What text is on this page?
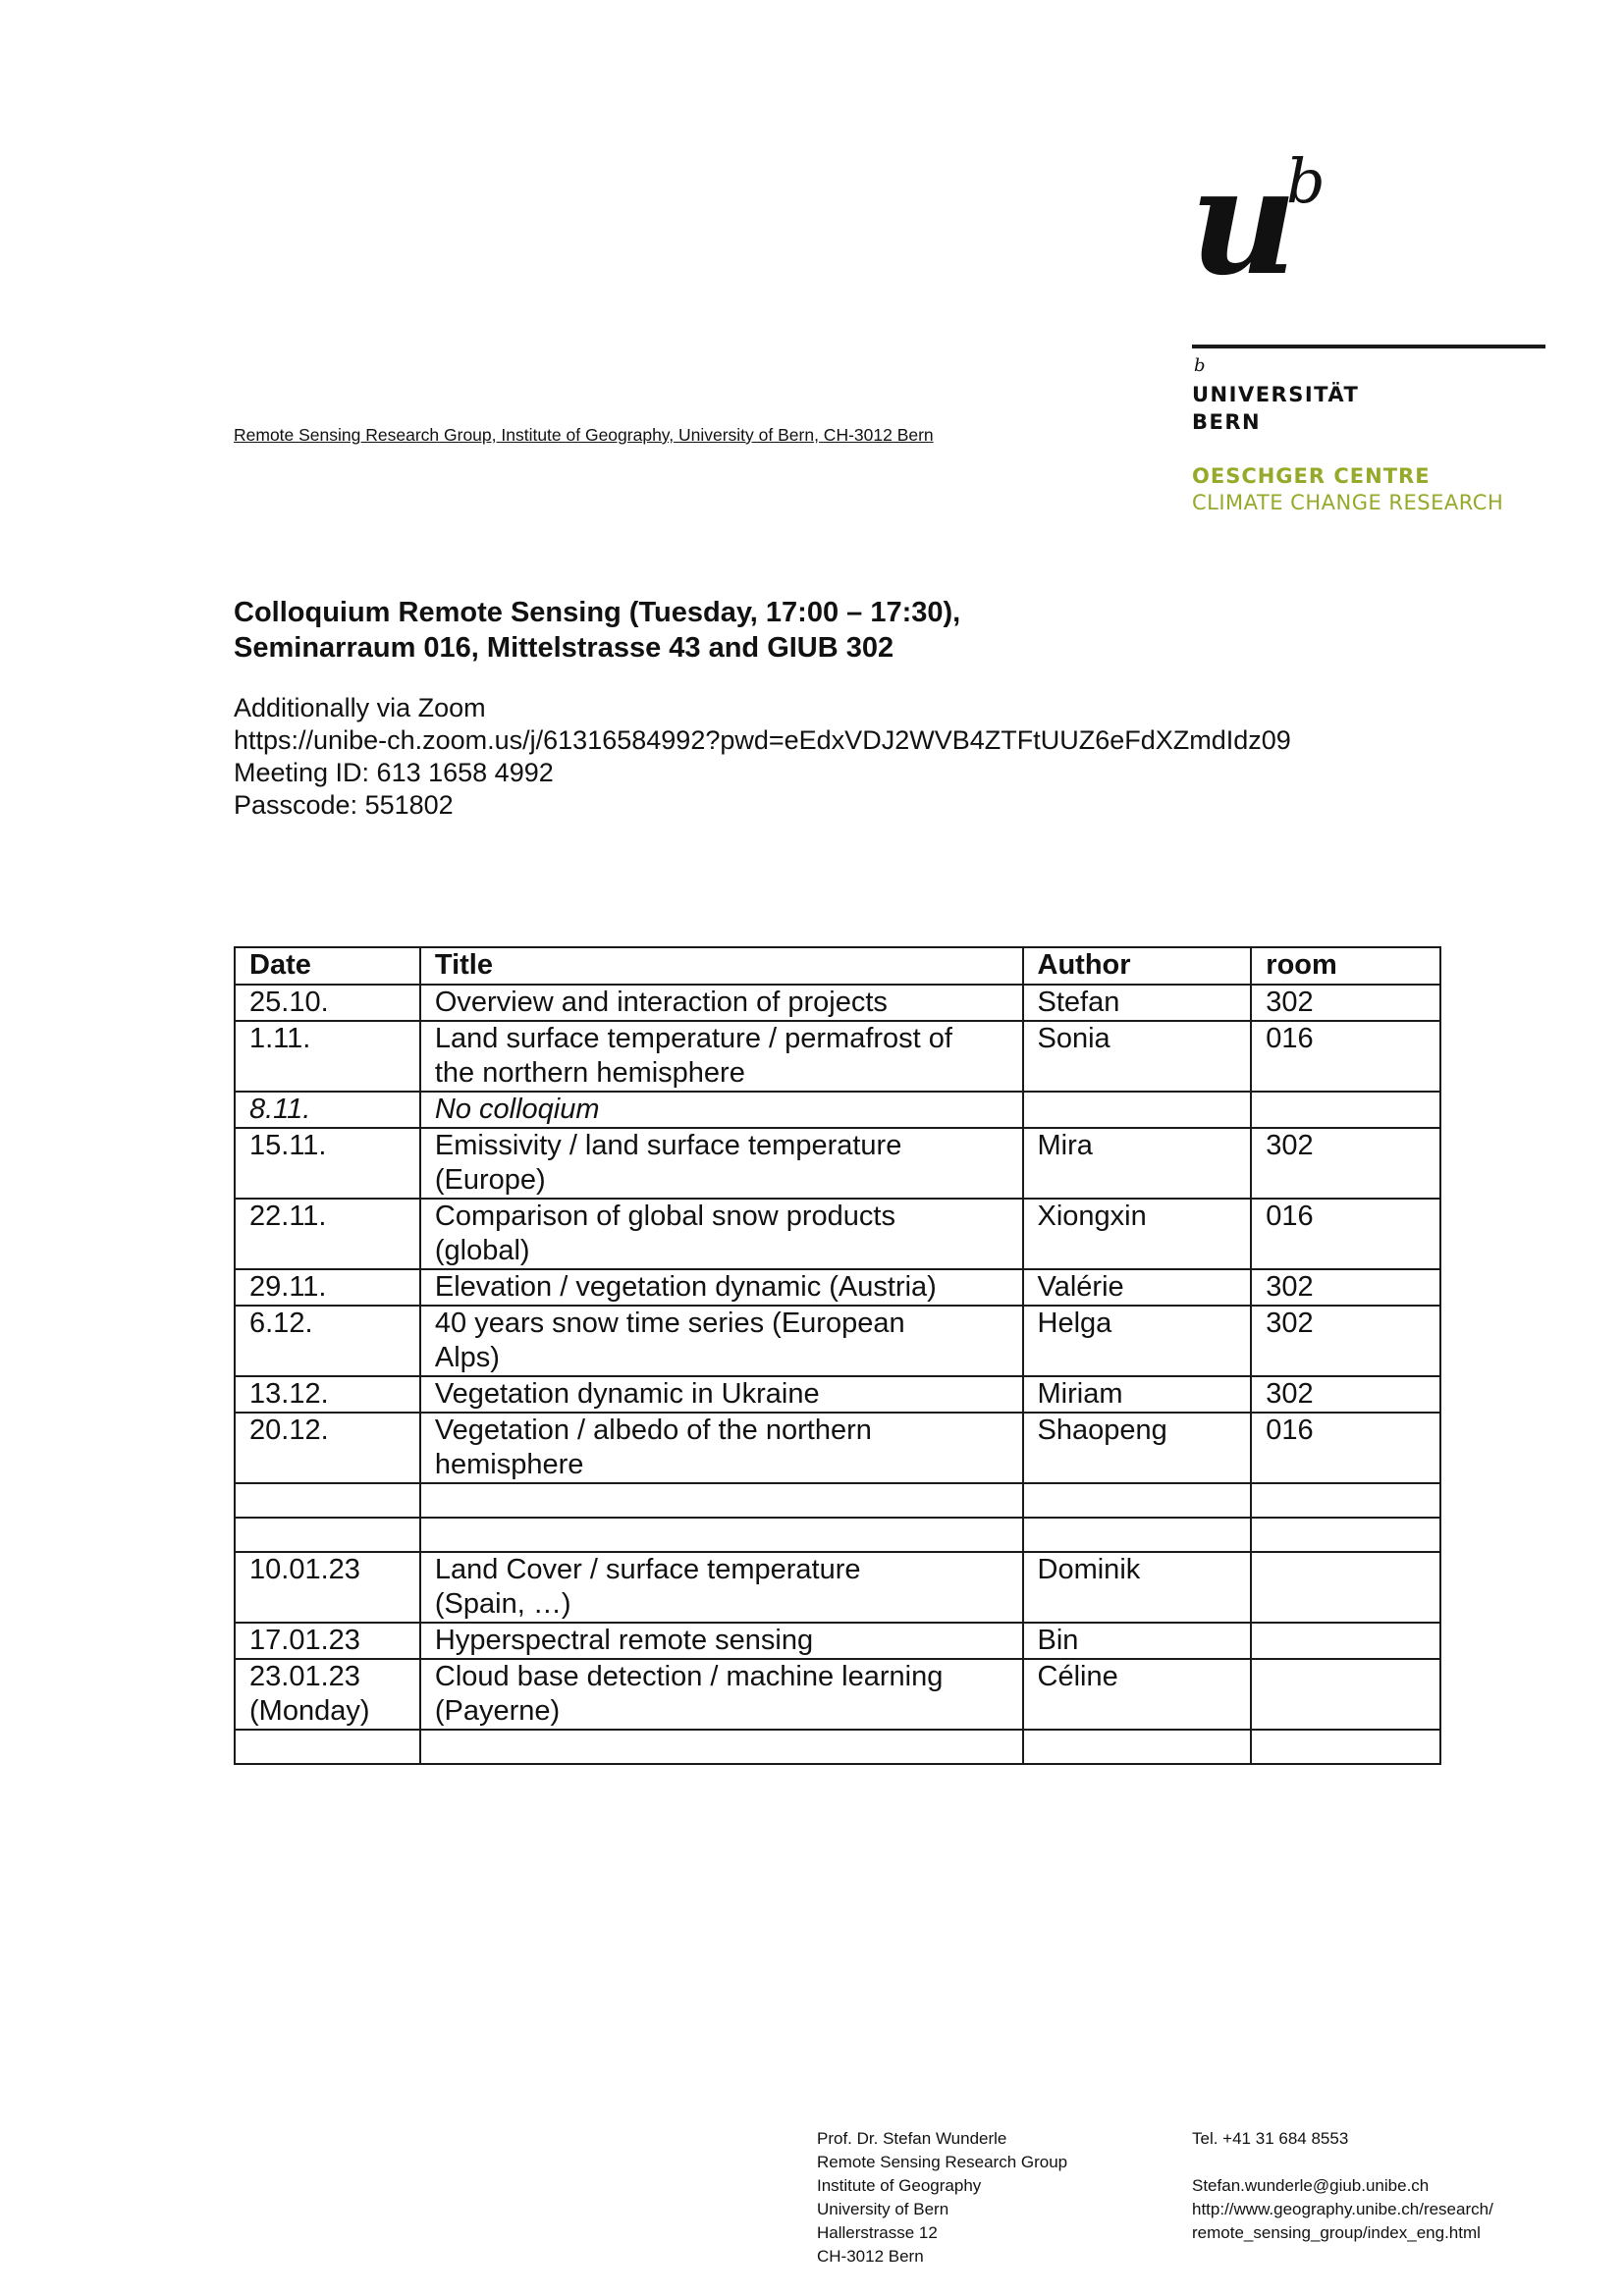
u
b
b
UNIVERSITÄT
BERN
OESCHGER CENTRE
CLIMATE CHANGE RESEARCH
Remote Sensing Research Group, Institute of Geography, University of Bern, CH-3012 Bern
Colloquium Remote Sensing (Tuesday, 17:00 – 17:30),
Seminarraum 016, Mittelstrasse 43 and GIUB 302
Additionally via Zoom
https://unibe-ch.zoom.us/j/61316584992?pwd=eEdxVDJ2WVB4ZTFtUUZ6eFdXZmdIdz09
Meeting ID: 613 1658 4992
Passcode: 551802
Date	Title	Author	room
25.10.	Overview and interaction of projects	Stefan	302
1.11.	Land surface temperature / permafrost of
the northern hemisphere	Sonia	016
8.11.	No colloqium		
15.11.	Emissivity / land surface temperature
(Europe)	Mira	302
22.11.	Comparison of global snow products
(global)	Xiongxin	016
29.11.	Elevation / vegetation dynamic (Austria)	Valérie	302
6.12.	40 years snow time series (European
Alps)	Helga	302
13.12.	Vegetation dynamic in Ukraine	Miriam	302
20.12.	Vegetation / albedo of the northern
hemisphere	Shaopeng	016

10.01.23	Land Cover / surface temperature
(Spain, …)	Dominik	
17.01.23	Hyperspectral remote sensing	Bin	
23.01.23
(Monday)	Cloud base detection / machine learning
(Payerne)	Céline	

Prof. Dr. Stefan Wunderle
Remote Sensing Research Group
Institute of Geography
University of Bern
Hallerstrasse 12
CH-3012 Bern
Tel. +41 31 684 8553
Stefan.wunderle@giub.unibe.ch
http://www.geography.unibe.ch/research/
remote_sensing_group/index_eng.html
